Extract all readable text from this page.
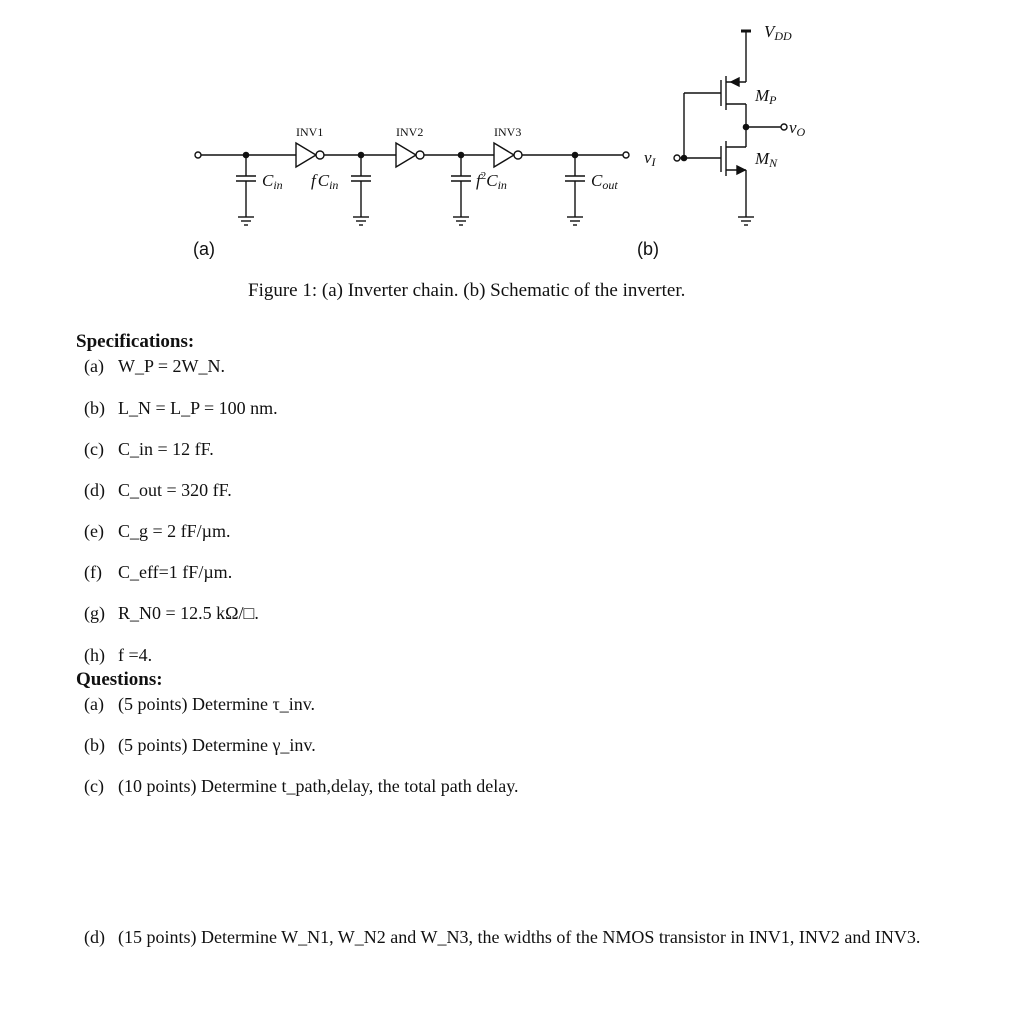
INV1	INV2	INV3
Cin f Cin	$f^2Cin$	Cout
VDD
MP
MN
vI
vO
(a)	(b)
Figure 1: (a) Inverter chain. (b) Schematic of the inverter.
Specifications:
(a) W_P = 2W_N.
(b) L_N = L_P = 100 nm.
(c) C_in = 12 fF.
(d) C_out = 320 fF.
(e) C_g = 2 fF/µm.
(f) C_eff=1 fF/µm.
(g) R_N0 = 12.5 kΩ/□.
(h) f =4.
Questions:
(a) (5 points) Determine τ_inv.
(b) (5 points) Determine γ_inv.
(c) (10 points) Determine t_path,delay, the total path delay.
(d) (15 points) Determine W_N1, W_N2 and W_N3, the widths of the NMOS transistor in INV1, INV2 and INV3.
